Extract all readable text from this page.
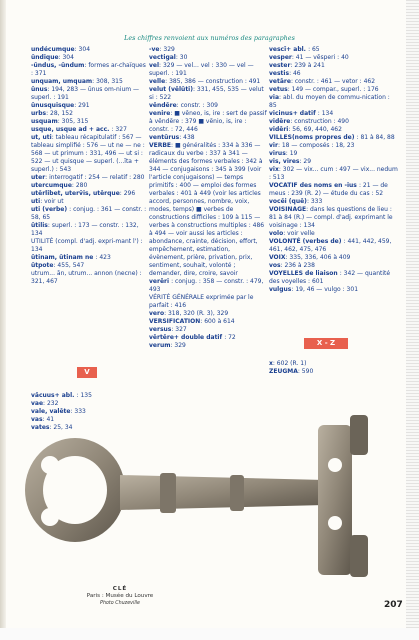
Les chiffres renvoient aux numéros des paragraphes

undécumque: 304

ŭndique: 304

-ŭndus, -ŭndum: formes ar-chaïques : 371

unquam, umquam: 308, 315

ūnus: 194, 283 — ūnus om-nium — superl. : 191

ūnusquisque: 291

urbs: 28, 152

usquam: 305, 315

usque, usque ad + acc. : 327

ut, uti: tableau récapitulatif : 567 — tableau simplifié : 576 — ut ne — ne : 568 — ut primum : 331, 496 — ut si : 522 — ut quisque — superl. (...ĭta + superl.) : 543

uter: interrogatif : 254 — relatif : 280

utercumque: 280

utĕrlibet, uterv̆is, utērque: 296

uti: voir ut

uti (verbe) : conjug. : 361 — constr. : 58, 65

ūtilis: superl. : 173 — constr. : 132, 134

UTILITÉ (compl. d'adj. expri-mant l') : 134

ūtinam, ūtinam ne : 423

ŭtpote: 455, 547

utrum... ăn, utrum... annon (necne) : 321, 467

V

văcuus+ abl. : 135

vae: 232

vale, valēte: 333

vas: 41

vates: 25, 34

-ve: 329

vectigal: 30

vel: 329 — vel... vel : 330 — vel — superl. : 191

velle: 385, 386 — construction : 491

velut (vĕlŭti): 331, 455, 535 — velut si : 522

vĕndĕre: constr. : 309

venire: ■ vēneo, is, ire : sert de passif à vēndĕre : 379 ■ vĕnio, is, ire : constr. : 72, 446

ventūrus: 438

VERBE: ■ généralités : 334 à 336 — radicaux du verbe : 337 à 341 — éléments des formes verbales : 342 à 344 — conjugaisons : 345 à 399 (voir l'article conjugaisons) — temps primitifs : 400 — emploi des formes verbales : 401 à 449 (voir les articles accord, personnes, nombre, voix, modes, temps) ■ verbes de constructions difficiles : 109 à 115 — verbes à constructions multiples : 486 à 494 — voir aussi les articles : abondance, crainte, décision, effort, empêchement, estimation, évènement, prière, privation, prix, sentiment, souhait, volonté ; demander, dire, croire, savoir

verēri : conjug. : 358 — constr. : 479, 493

VÉRITÉ GÉNÉRALE exprimée par le parfait : 416

vero: 318, 320 (R. 3), 329

VERSIFICATION: 600 à 614

versus: 327

vērtĕre+ double datif : 72

verum: 329

vescī+ abl. : 65

vesper: 41 — vĕsperi : 40

vester: 239 à 241

vestis: 46

vetāre: constr. : 461 — vetor : 462

vetus: 149 — compar., superl. : 176

via: abl. du moyen de commu-nication : 85

vicinus+ datif : 134

vidēre: construction : 490

vidēri: 56, 69, 440, 462

VILLES(noms propres de) : 81 à 84, 88

vir: 18 — composés : 18, 23

virus: 19

vis, vires: 29

vix: 302 — vix... cum : 497 — vix... nedum : 513

VOCATIF des noms en -ius : 21 — de meus : 239 (R. 2) — étude du cas : 52

vocĕi (quē): 333

VOISINAGE: dans les questions de lieu : 81 à 84 (R.) — compl. d'adj. exprimant le voisinage : 134

volo: voir velle

VOLONTÉ (verbes de) : 441, 442, 459, 461, 462, 475, 476

VOIX: 335, 336, 406 à 409

vos: 236 à 238

VOYELLES de liaison : 342 — quantité des voyelles : 601

vulgus: 19, 46 — vulgo : 301

X - Z

x: 602 (R. 1)

ZEUGMA: 590

CLÉ
Paris : Musée du Louvre
Photo Chuzeville	207
